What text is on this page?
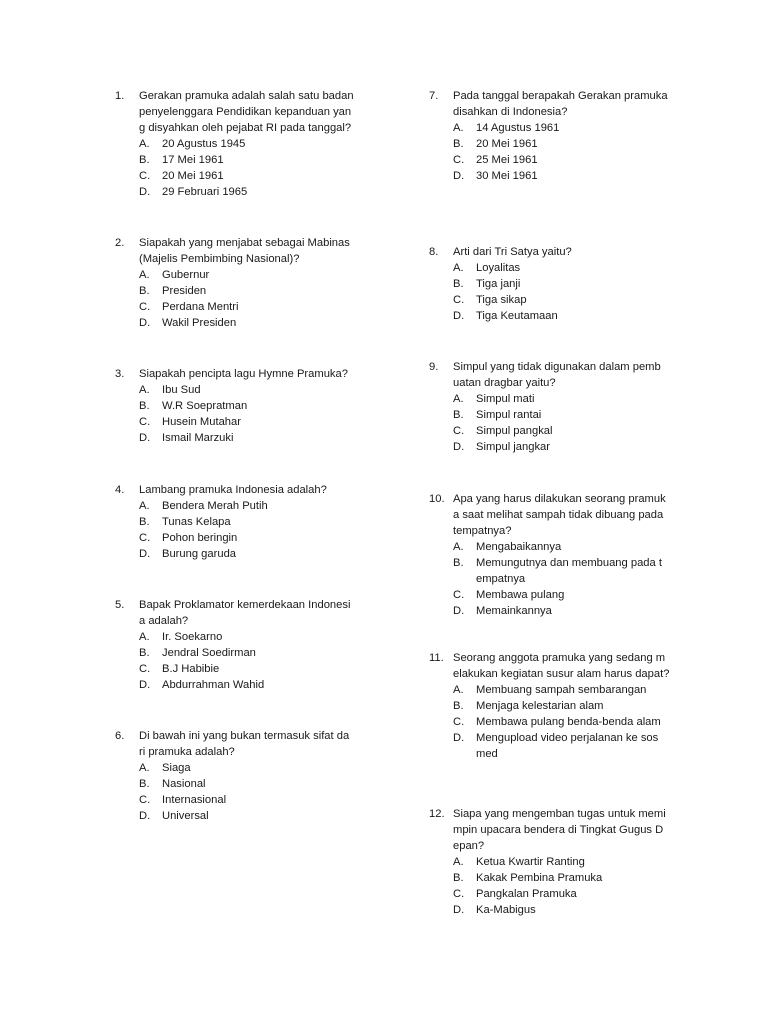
1.	Gerakan pramuka adalah salah satu badan
penyelenggara Pendidikan kepanduan yan
g disyahkan oleh pejabat RI pada tanggal?
A.	20 Agustus 1945
B.	17 Mei 1961
C.	20 Mei 1961
D.	29 Februari 1965
2.	Siapakah yang menjabat sebagai Mabinas
(Majelis Pembimbing Nasional)?
A.	Gubernur
B.	Presiden
C.	Perdana Mentri
D.	Wakil Presiden
3.	Siapakah pencipta lagu Hymne Pramuka?
A.	Ibu Sud
B.	W.R Soepratman
C.	Husein Mutahar
D.	Ismail Marzuki
4.	Lambang pramuka Indonesia adalah?
A.	Bendera Merah Putih
B.	Tunas Kelapa
C.	Pohon beringin
D.	Burung garuda
5.	Bapak Proklamator kemerdekaan Indonesi
a adalah?
A.	Ir. Soekarno
B.	Jendral Soedirman
C.	B.J Habibie
D.	Abdurrahman Wahid
6.	Di bawah ini yang bukan termasuk sifat da
ri pramuka adalah?
A.	Siaga
B.	Nasional
C.	Internasional
D.	Universal
7.	Pada tanggal berapakah Gerakan pramuka
disahkan di Indonesia?
A.	14 Agustus 1961
B.	20 Mei 1961
C.	25 Mei 1961
D.	30 Mei 1961
8.	Arti dari Tri Satya yaitu?
A.	Loyalitas
B.	Tiga janji
C.	Tiga sikap
D.	Tiga Keutamaan
9.	Simpul yang tidak digunakan dalam pemb
uatan dragbar yaitu?
A.	Simpul mati
B.	Simpul rantai
C.	Simpul pangkal
D.	Simpul jangkar
10. Apa yang harus dilakukan seorang pramuk
a saat melihat sampah tidak dibuang pada
tempatnya?
A.	Mengabaikannya
B.	Memungutnya dan membuang pada t
empatnya
C.	Membawa pulang
D.	Memainkannya
11. Seorang anggota pramuka yang sedang m
elakukan kegiatan susur alam harus dapat?
A.	Membuang sampah sembarangan
B.	Menjaga kelestarian alam
C.	Membawa pulang benda-benda alam
D.	Mengupload video perjalanan ke sos
med
12. Siapa yang mengemban tugas untuk memi
mpin upacara bendera di Tingkat Gugus D
epan?
A.	Ketua Kwartir Ranting
B.	Kakak Pembina Pramuka
C.	Pangkalan Pramuka
D.	Ka-Mabigus
